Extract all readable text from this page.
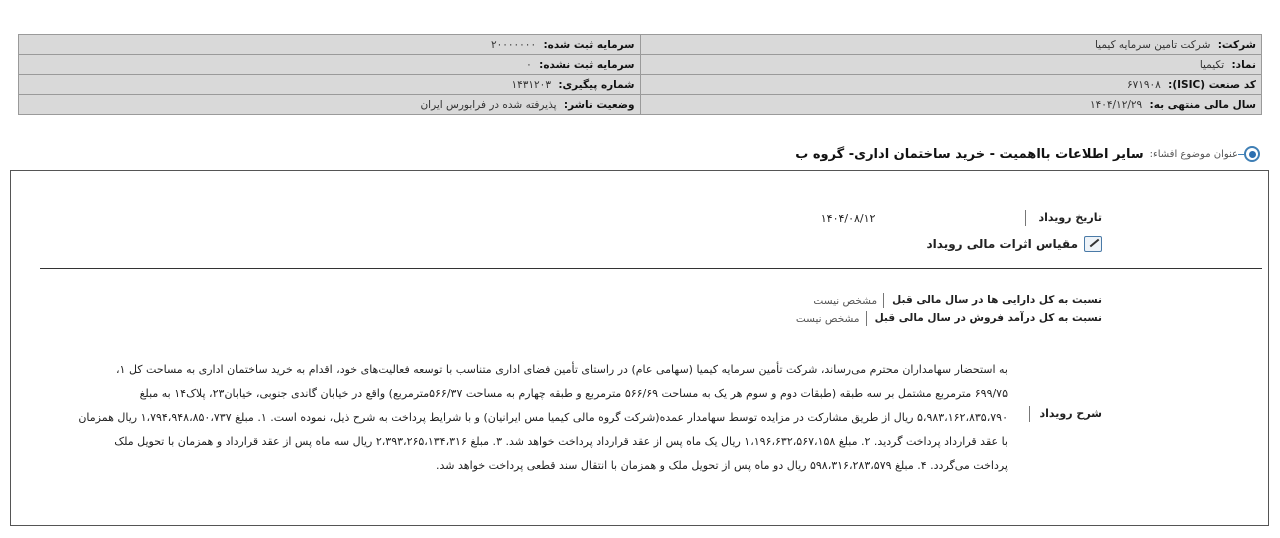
شرکت: شرکت تامین سرمایه کیمیا	سرمایه ثبت شده: ۲۰۰۰۰۰۰۰
نماد: تکیمیا	سرمایه ثبت نشده: ۰
کد صنعت (ISIC): ۶۷۱۹۰۸	شماره پیگیری: ۱۴۳۱۲۰۳
سال مالی منتهی به: ۱۴۰۴/۱۲/۲۹	وضعیت ناشر: پذیرفته شده در فرابورس ایران
عنوان موضوع افشاء:
سایر اطلاعات بااهمیت - خرید ساختمان اداری- گروه ب
تاریخ رویداد
۱۴۰۴/۰۸/۱۲
مقیاس اثرات مالی رویداد
نسبت به کل دارایی ها در سال مالی قبل
مشخص نیست
نسبت به کل درآمد فروش در سال مالی قبل
مشخص نیست
شرح رویداد
به استحضار سهامداران محترم می‌رساند، شرکت تأمین سرمایه کیمیا (سهامی عام) در راستای تأمین فضای اداری متناسب با توسعه فعالیت‌های خود، اقدام به خرید ساختمان اداری به مساحت کل ۱،
۶۹۹/۷۵ مترمربع مشتمل بر سه طبقه (طبقات دوم و سوم هر یک به مساحت ۵۶۶/۶۹ مترمربع و طبقه چهارم به مساحت ۵۶۶/۳۷مترمربع) واقع در خیابان گاندی جنوبی، خیابان۲۳، پلاک۱۴ به مبلغ
۵،۹۸۳،۱۶۲،۸۳۵،۷۹۰ ریال از طریق مشارکت در مزایده توسط سهامدار عمده(شرکت گروه مالی کیمیا مس ایرانیان) و با شرایط پرداخت به شرح ذیل، نموده است. ۱. مبلغ ۱،۷۹۴،۹۴۸،۸۵۰،۷۳۷ ریال همزمان
با عقد قرارداد پرداخت گردید. ۲. مبلغ ۱،۱۹۶،۶۳۲،۵۶۷،۱۵۸ ریال یک ماه پس از عقد قرارداد پرداخت خواهد شد. ۳. مبلغ ۲،۳۹۳،۲۶۵،۱۳۴،۳۱۶ ریال سه ماه پس از عقد قرارداد و همزمان با تحویل ملک
پرداخت می‌گردد. ۴. مبلغ ۵۹۸،۳۱۶،۲۸۳،۵۷۹ ریال دو ماه پس از تحویل ملک و همزمان با انتقال سند قطعی پرداخت خواهد شد.
